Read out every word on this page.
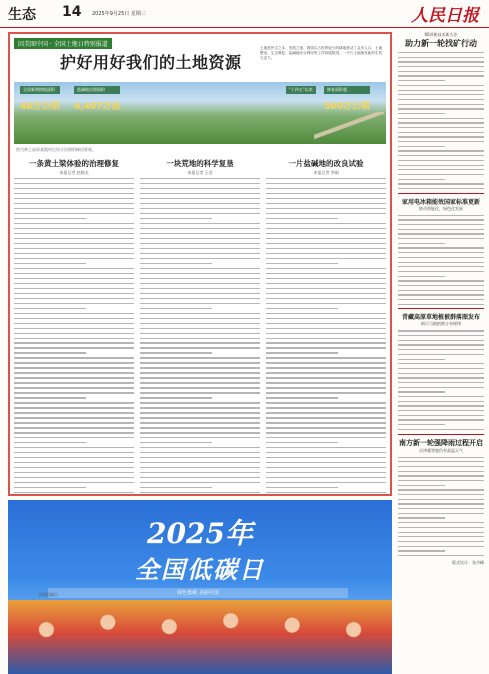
生态 14 2025年9月25日 星期三	人民日报
因美图中国 · 全国土地日特别报道
护好用好我们的土地资源
土地是民生之本、发展之基。我国以占世界较少的耕地养活了众多人口，土地整治、生态修复、盐碱地综合利用等工作持续推进，一片片土地焕发新的生机与活力。
全国新增耕地面积
48万公顷
盐碱地治理面积
4,407万亩
"十四五"以来	修复面积超
500万公顷
图为黄土高原某地经过综合治理的梯田景观。
一条黄土梁体验的治理修复
本报记者 赵晓光
一块荒地的科学复垦
本报记者 王浩
一片盐碱地的改良试验
本报记者 李刚
66项新技术新方法
助力新一轮找矿行动
家用电冰箱能效国家标准更新
推动智能化、绿色化发展
青藏高原草地植被群落图发布
揭示当地植被分布规律
南方新一轮强降雨过程开启
京津冀等地仍有高温天气
版式设计：张丹峰
2025年
全国低碳日
绿色低碳 美丽中国
全国低碳日
